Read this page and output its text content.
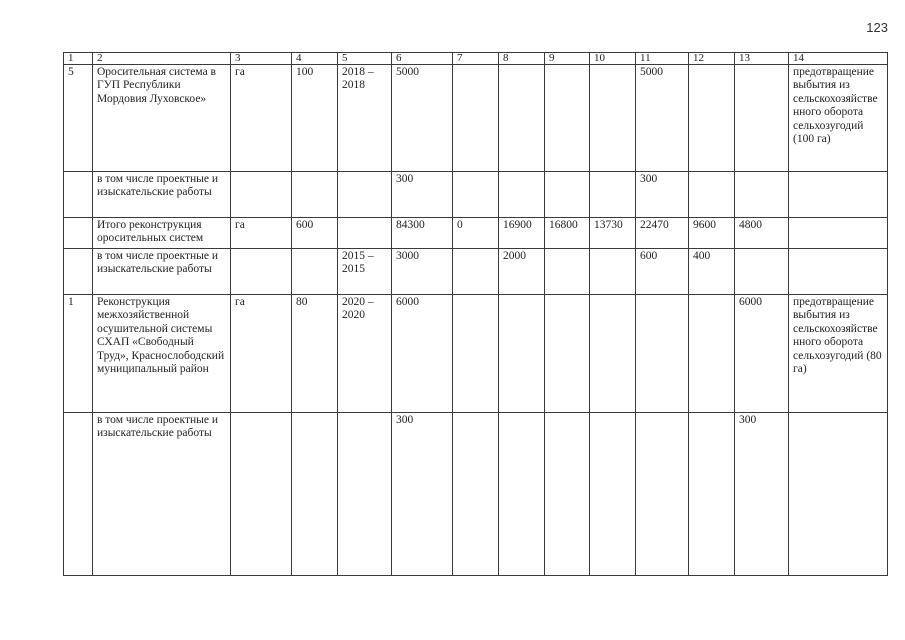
123
1	2	3	4	5	6	7	8	9	10	11	12	13	14
5	Оросительная система в ГУП Республики Мордовия Луховское»	га	100	2018 – 2018	5000					5000			предотвращение выбытия из сельскохозяйственного оборота сельхозугодий (100 га)
	в том числе проектные и изыскательские работы				300					300			
	Итого реконструкция оросительных систем	га	600		84300	0	16900	16800	13730	22470	9600	4800	
	в том числе проектные и изыскательские работы			2015 – 2015	3000		2000			600	400		
1	Реконструкция межхозяйственной осушительной системы СХАП «Свободный Труд», Краснослободский муниципальный район	га	80	2020 – 2020	6000							6000	предотвращение выбытия из сельскохозяйственного оборота сельхозугодий (80 га)
	в том числе проектные и изыскательские работы				300							300	
